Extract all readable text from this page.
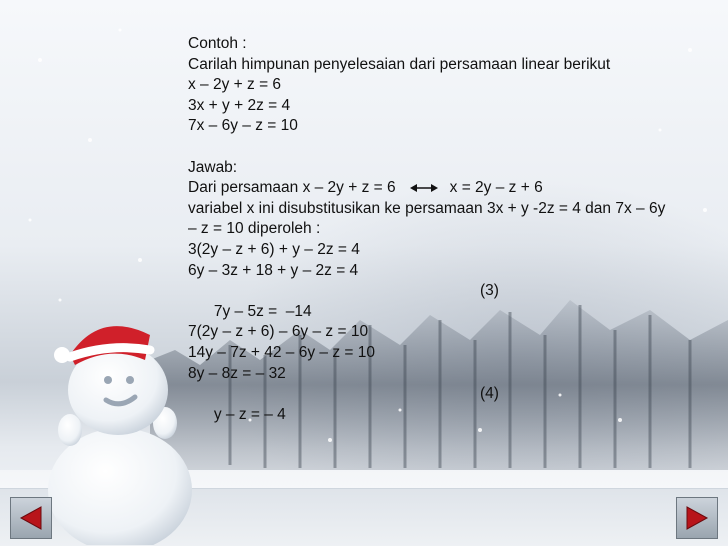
Contoh :
Carilah himpunan penyelesaian dari persamaan linear berikut
x – 2y + z = 6
3x + y + 2z = 4
7x – 6y – z = 10
Jawab:
Dari persamaan x – 2y + z = 6	x = 2y – z + 6
variabel x ini disubstitusikan ke persamaan 3x + y -2z = 4 dan 7x – 6y
– z = 10 diperoleh :
3(2y – z + 6) + y – 2z = 4
6y – 3z + 18 + y – 2z = 4

7y – 5z =  –14

(3)

7(2y – z + 6) – 6y – z = 10
14y – 7z + 42 – 6y – z = 10
8y – 8z = – 32

y – z = – 4

(4)
